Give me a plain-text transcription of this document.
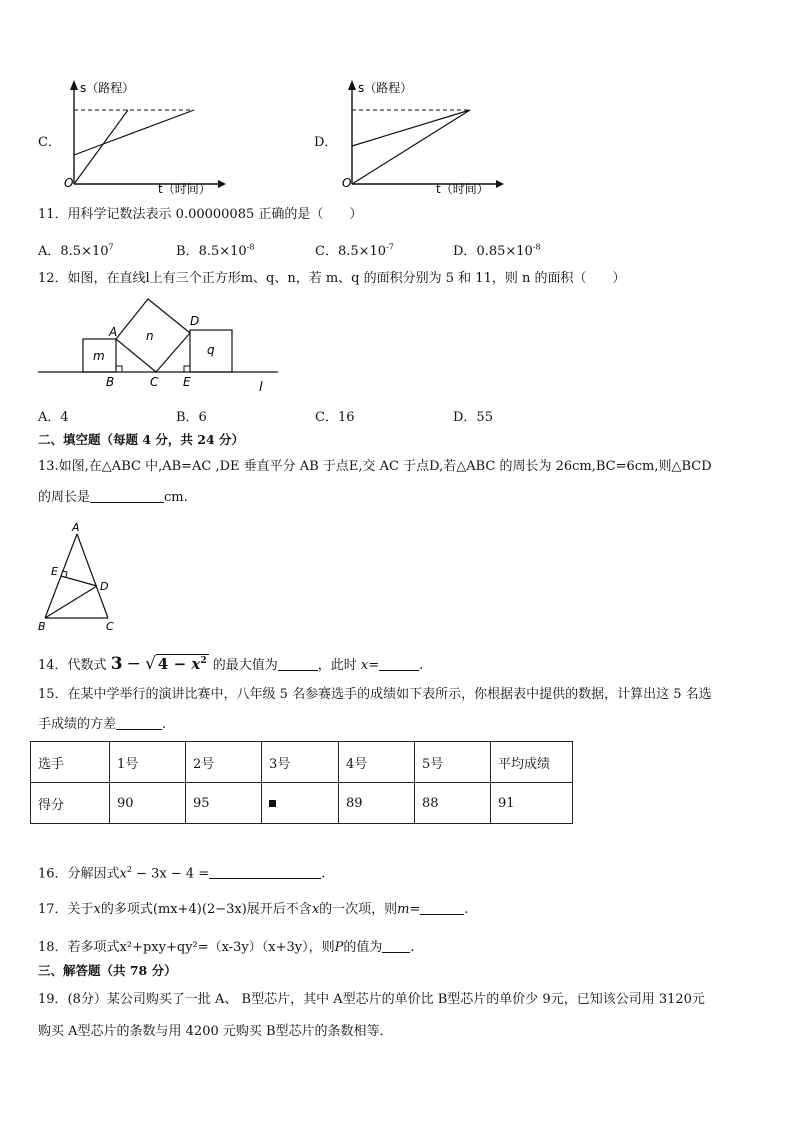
C．
s（路程）
t（时间）
O
D．
s（路程）
t（时间）
O
11．用科学记数法表示 0.00000085 正确的是（　　）
A．$8.5\times 10^7$	B．$8.5\times 10^{-8}$	C．$8.5\times 10^{-7}$	D．$0.85\times 10^{-8}$
12．如图，在直线l上有三个正方形m、q、n，若 m、q 的面积分别为 5 和 11，则 n 的面积（　　）
m
n
q
A
B	C
D
E	l
A．4	B．6	C．16	D．55
二、填空题（每题 4 分，共 24 分）
13.如图,在△ABC 中,AB=AC ,DE 垂直平分 AB 于点E,交 AC 于点D,若△ABC 的周长为 26cm,BC=6cm,则△BCD
的周长是	cm.
A
E
D
B	C
14．代数式 3 − √ $4 - x^2$ 的最大值为	，此时 x=	.
15．在某中学举行的演讲比赛中，八年级 5 名参赛选手的成绩如下表所示，你根据表中提供的数据，计算出这 5 名选
手成绩的方差	.
选手	1号	2号	3号	4号	5号	平均成绩
得分	90	95		89	88	91
16．分解因式$x^2 - 3x - 4$ =	.
17．关于x的多项式(mx+4)(2−3x)展开后不含x的一次项，则m=	.
18．若多项式x²+pxy+qy²=（x-3y）（x+3y），则P的值为 .
三、解答题（共 78 分）
19．(8分）某公司购买了一批 A、 B型芯片，其中 A型芯片的单价比 B型芯片的单价少 9元，已知该公司用 3120元
购买 A型芯片的条数与用 4200 元购买 B型芯片的条数相等．
